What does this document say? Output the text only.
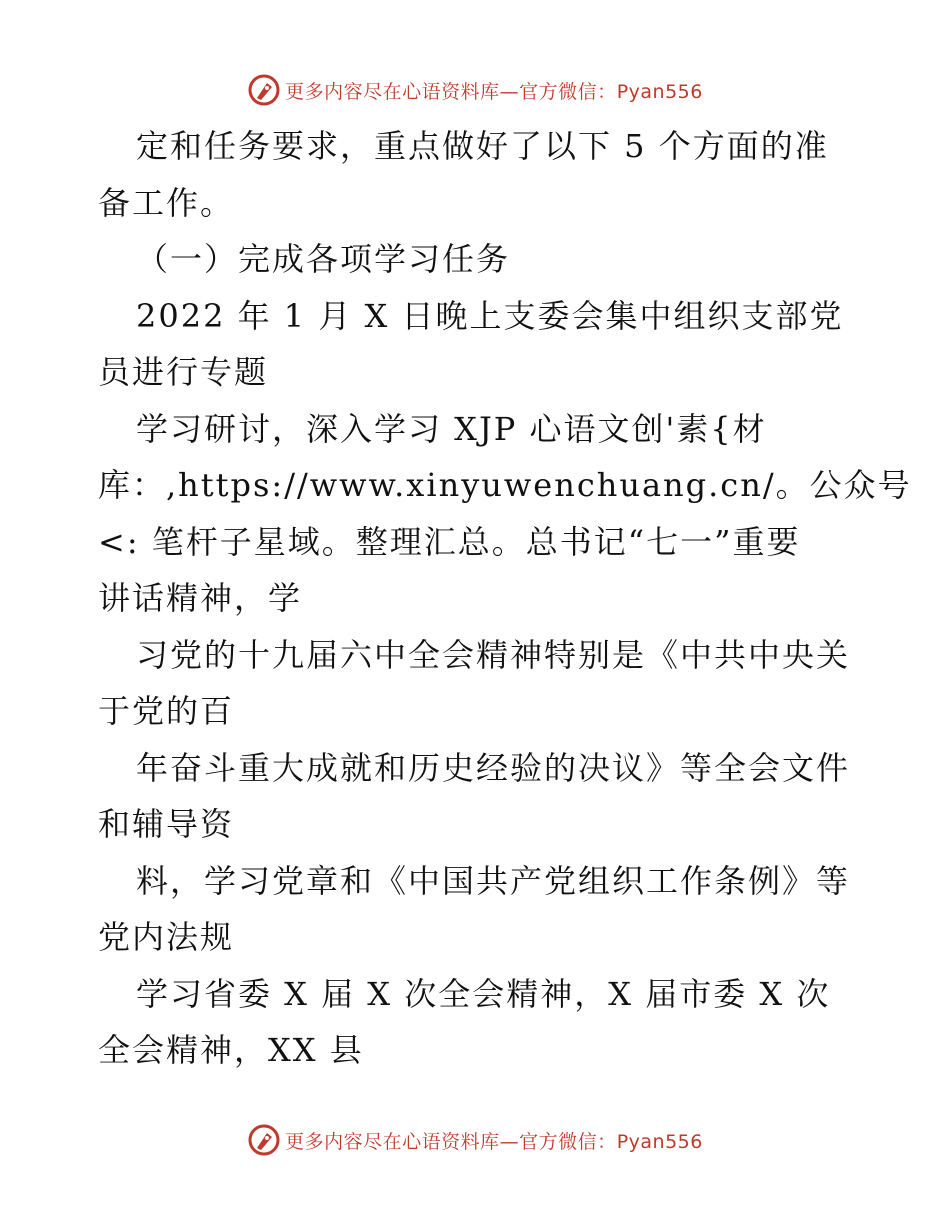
更多内容尽在心语资料库—官方微信：Pyan556
定和任务要求，重点做好了以下 5 个方面的准
备工作。
（一）完成各项学习任务
2022 年 1 月 X 日晚上支委会集中组织支部党
员进行专题
学习研讨，深入学习 XJP 心语文创'素{材
库：,https://www.xinyuwenchuang.cn/。公众号
<: 笔杆子星域。整理汇总。总书记“七一”重要
讲话精神，学
习党的十九届六中全会精神特别是《中共中央关
于党的百
年奋斗重大成就和历史经验的决议》等全会文件
和辅导资
料，学习党章和《中国共产党组织工作条例》等
党内法规
学习省委 X 届 X 次全会精神，X 届市委 X 次
全会精神，XX 县
更多内容尽在心语资料库—官方微信：Pyan556
